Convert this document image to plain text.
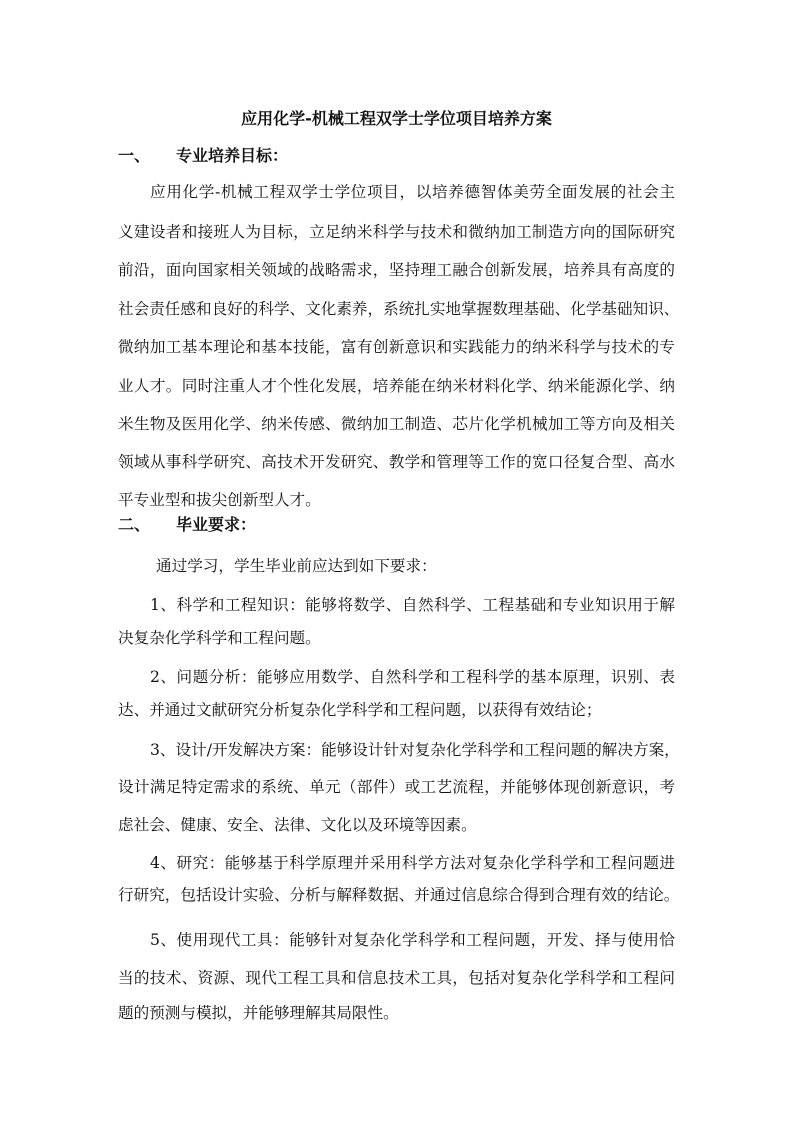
应用化学-机械工程双学士学位项目培养方案
一、 专业培养目标：
应用化学-机械工程双学士学位项目，以培养德智体美劳全面发展的社会主
义建设者和接班人为目标，立足纳米科学与技术和微纳加工制造方向的国际研究
前沿，面向国家相关领域的战略需求，坚持理工融合创新发展，培养具有高度的
社会责任感和良好的科学、文化素养，系统扎实地掌握数理基础、化学基础知识、
微纳加工基本理论和基本技能，富有创新意识和实践能力的纳米科学与技术的专
业人才。同时注重人才个性化发展，培养能在纳米材料化学、纳米能源化学、纳
米生物及医用化学、纳米传感、微纳加工制造、芯片化学机械加工等方向及相关
领域从事科学研究、高技术开发研究、教学和管理等工作的宽口径复合型、高水
平专业型和拔尖创新型人才。
二、 毕业要求：
通过学习，学生毕业前应达到如下要求：
1、科学和工程知识：能够将数学、自然科学、工程基础和专业知识用于解
决复杂化学科学和工程问题。
2、问题分析：能够应用数学、自然科学和工程科学的基本原理，识别、表
达、并通过文献研究分析复杂化学科学和工程问题，以获得有效结论；
3、设计/开发解决方案：能够设计针对复杂化学科学和工程问题的解决方案，
设计满足特定需求的系统、单元（部件）或工艺流程，并能够体现创新意识，考
虑社会、健康、安全、法律、文化以及环境等因素。
4、研究：能够基于科学原理并采用科学方法对复杂化学科学和工程问题进
行研究，包括设计实验、分析与解释数据、并通过信息综合得到合理有效的结论。
5、使用现代工具：能够针对复杂化学科学和工程问题，开发、择与使用恰
当的技术、资源、现代工程工具和信息技术工具，包括对复杂化学科学和工程问
题的预测与模拟，并能够理解其局限性。
